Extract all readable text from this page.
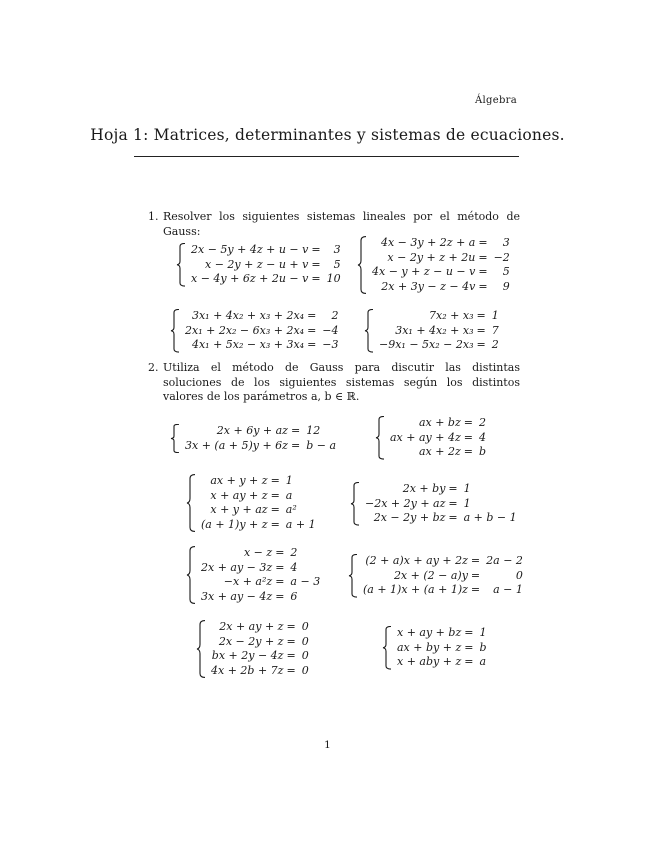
Álgebra
Hoja 1: Matrices, determinantes y sistemas de ecuaciones.
1. Resolver los siguientes sistemas lineales por el método de Gauss:
2x − 5y + 4z + u − v	=	3
x − 2y + z − u + v	=	5
x − 4y + 6z + 2u − v	=	10
4x − 3y + 2z + a	=	3
x − 2y + z + 2u	=	−2
4x − y + z − u − v	=	5
2x + 3y − z − 4v	=	9
3x₁ + 4x₂ + x₃ + 2x₄	=	2
2x₁ + 2x₂ − 6x₃ + 2x₄	=	−4
4x₁ + 5x₂ − x₃ + 3x₄	=	−3
7x₂ + x₃	=	1
3x₁ + 4x₂ + x₃	=	7
−9x₁ − 5x₂ − 2x₃	=	2
2. Utiliza el método de Gauss para discutir las distintas soluciones de los siguientes sistemas según los distintos valores de los parámetros a, b ∈ ℝ.
2x + 6y + az	=	12
3x + (a + 5)y + 6z	=	b − a
ax + bz	=	2
ax + ay + 4z	=	4
ax + 2z	=	b
ax + y + z	=	1
x + ay + z	=	a
x + y + az	=	a²
(a + 1)y + z	=	a + 1
2x + by	=	1
−2x + 2y + az	=	1
2x − 2y + bz	=	a + b − 1
x − z	=	2
2x + ay − 3z	=	4
−x + a²z	=	a − 3
3x + ay − 4z	=	6
(2 + a)x + ay + 2z	=	2a − 2
2x + (2 − a)y	=	0
(a + 1)x + (a + 1)z	=	a − 1
2x + ay + z	=	0
2x − 2y + z	=	0
bx + 2y − 4z	=	0
4x + 2b + 7z	=	0
x + ay + bz	=	1
ax + by + z	=	b
x + aby + z	=	a
1
